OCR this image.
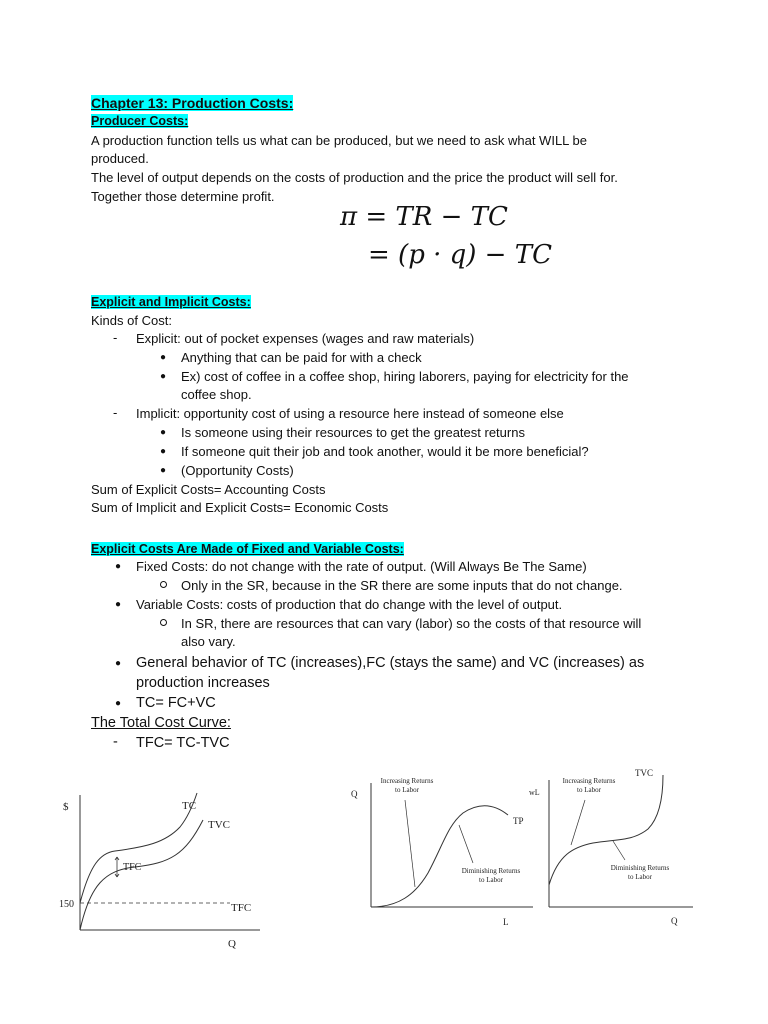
Chapter 13: Production Costs:
Producer Costs:
A production function tells us what can be produced, but we need to ask what WILL be
produced.
The level of output depends on the costs of production and the price the product will sell for.
Together those determine profit.
π = TR − TC
= (p · q) − TC
Explicit and Implicit Costs:
Kinds of Cost:
- Explicit: out of pocket expenses (wages and raw materials)
● Anything that can be paid for with a check
● Ex) cost of coffee in a coffee shop, hiring laborers, paying for electricity for the
coffee shop.
- Implicit: opportunity cost of using a resource here instead of someone else
● Is someone using their resources to get the greatest returns
● If someone quit their job and took another, would it be more beneficial?
● (Opportunity Costs)
Sum of Explicit Costs= Accounting Costs
Sum of Implicit and Explicit Costs= Economic Costs
Explicit Costs Are Made of Fixed and Variable Costs:
● Fixed Costs: do not change with the rate of output. (Will Always Be The Same)
Only in the SR, because in the SR there are some inputs that do not change.
● Variable Costs: costs of production that do change with the level of output.
In SR, there are resources that can vary (labor) so the costs of that resource will
also vary.
● General behavior of TC (increases),FC (stays the same) and VC (increases) as
production increases
● TC= FC+VC
The Total Cost Curve:
- TFC= TC-TVC
$
Q
150	TFC
TC
TVC
TFC
Q
L
TP
Increasing Returns
to Labor
Diminishing Returns
to Labor
wL
Q
TVC
Increasing Returns
to Labor
Diminishing Returns
to Labor
